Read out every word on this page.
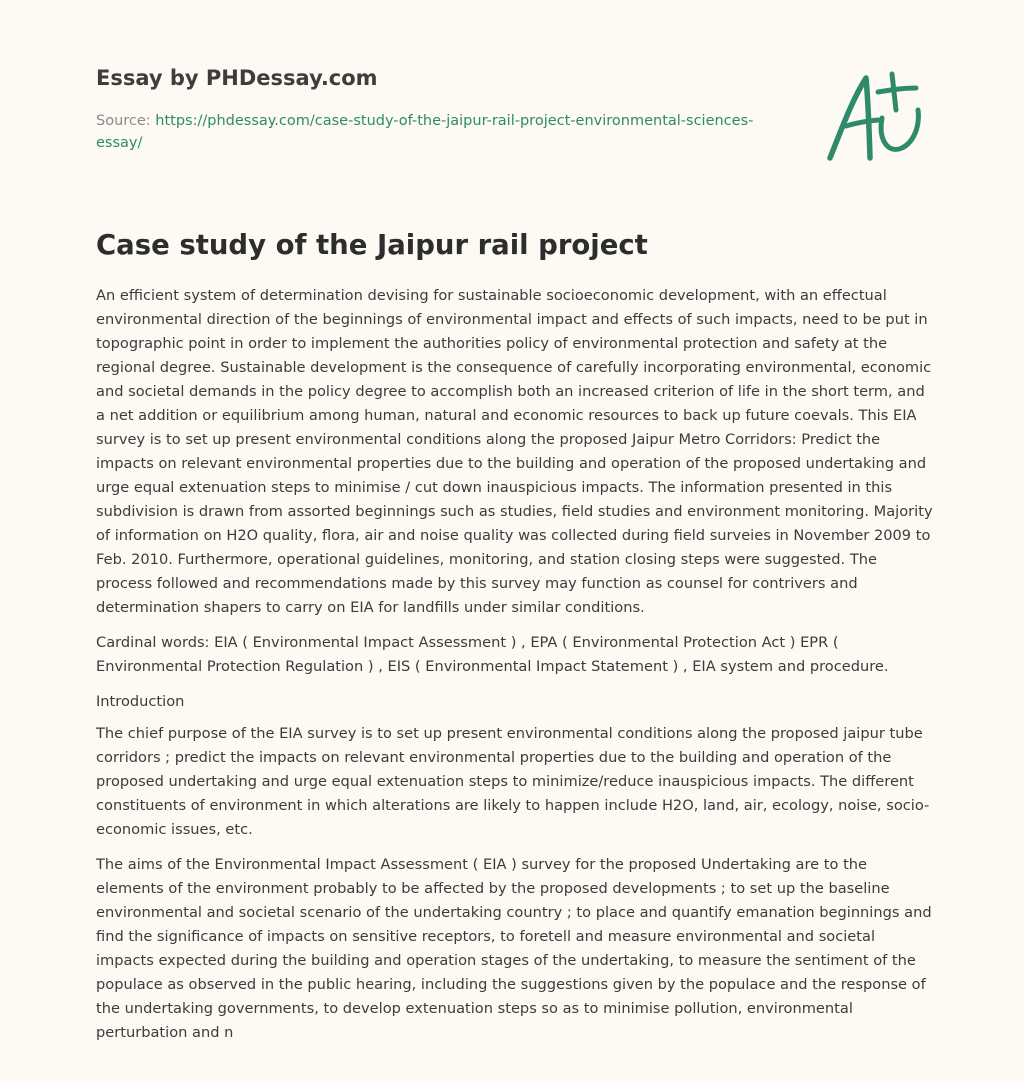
Essay by PHDessay.com
Source: https://phdessay.com/case-study-of-the-jaipur-rail-project-environmental-sciences-essay/
Case study of the Jaipur rail project

An efficient system of determination devising for sustainable socioeconomic development, with an effectual environmental direction of the beginnings of environmental impact and effects of such impacts, need to be put in topographic point in order to implement the authorities policy of environmental protection and safety at the regional degree. Sustainable development is the consequence of carefully incorporating environmental, economic and societal demands in the policy degree to accomplish both an increased criterion of life in the short term, and a net addition or equilibrium among human, natural and economic resources to back up future coevals. This EIA survey is to set up present environmental conditions along the proposed Jaipur Metro Corridors: Predict the impacts on relevant environmental properties due to the building and operation of the proposed undertaking and urge equal extenuation steps to minimise / cut down inauspicious impacts. The information presented in this subdivision is drawn from assorted beginnings such as studies, field studies and environment monitoring. Majority of information on H2O quality, flora, air and noise quality was collected during field surveies in November 2009 to Feb. 2010. Furthermore, operational guidelines, monitoring, and station closing steps were suggested. The process followed and recommendations made by this survey may function as counsel for contrivers and determination shapers to carry on EIA for landfills under similar conditions.

Cardinal words: EIA ( Environmental Impact Assessment ) , EPA ( Environmental Protection Act ) EPR ( Environmental Protection Regulation ) , EIS ( Environmental Impact Statement ) , EIA system and procedure.

Introduction

The chief purpose of the EIA survey is to set up present environmental conditions along the proposed jaipur tube corridors ; predict the impacts on relevant environmental properties due to the building and operation of the proposed undertaking and urge equal extenuation steps to minimize/reduce inauspicious impacts. The different constituents of environment in which alterations are likely to happen include H2O, land, air, ecology, noise, socio-economic issues, etc.

The aims of the Environmental Impact Assessment ( EIA ) survey for the proposed Undertaking are to the elements of the environment probably to be affected by the proposed developments ; to set up the baseline environmental and societal scenario of the undertaking country ; to place and quantify emanation beginnings and find the significance of impacts on sensitive receptors, to foretell and measure environmental and societal impacts expected during the building and operation stages of the undertaking, to measure the sentiment of the populace as observed in the public hearing, including the suggestions given by the populace and the response of the undertaking governments, to develop extenuation steps so as to minimise pollution, environmental perturbation and n
